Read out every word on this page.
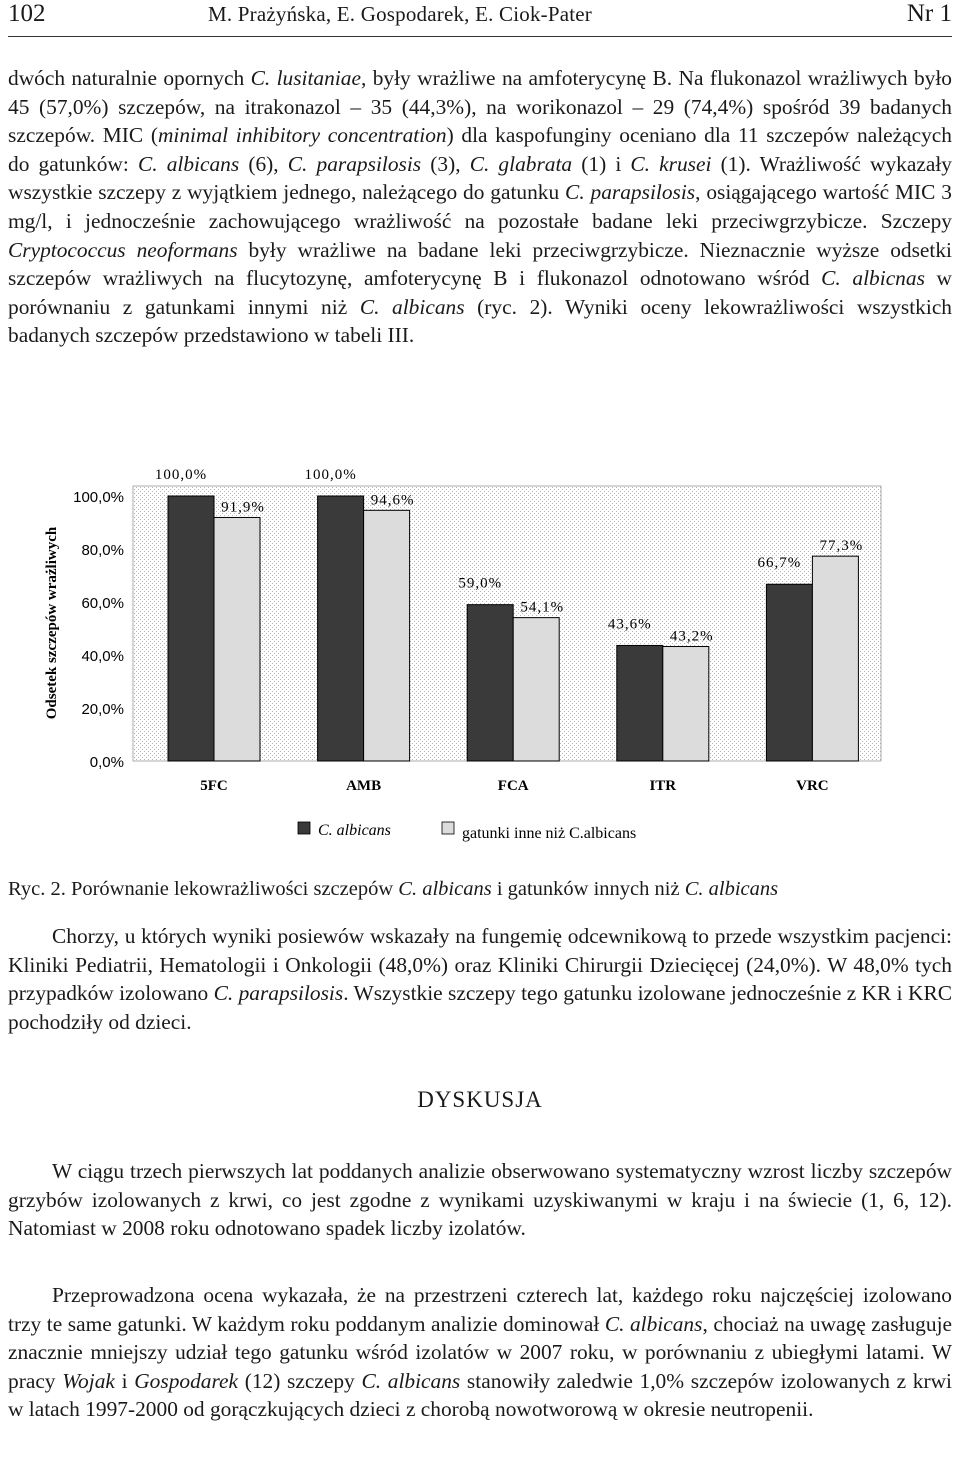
102	M. Prażyńska, E. Gospodarek, E. Ciok-Pater	Nr 1

dwóch naturalnie opornych C. lusitaniae, były wrażliwe na amfoterycynę B. Na flukonazol wrażliwych było 45 (57,0%) szczepów, na itrakonazol – 35 (44,3%), na worikonazol – 29 (74,4%) spośród 39 badanych szczepów. MIC (minimal inhibitory concentration) dla kaspofunginy oceniano dla 11 szczepów należących do gatunków: C. albicans (6), C. parapsilosis (3), C. glabrata (1) i C. krusei (1). Wrażliwość wykazały wszystkie szczepy z wyjątkiem jednego, należącego do gatunku C. parapsilosis, osiągającego wartość MIC 3 mg/l, i jednocześnie zachowującego wrażliwość na pozostałe badane leki przeciwgrzybicze. Szczepy Cryptococcus neoformans były wrażliwe na badane leki przeciwgrzybicze. Nieznacznie wyższe odsetki szczepów wrażliwych na flucytozynę, amfoterycynę B i flukonazol odnotowano wśród C. albicnas w porównaniu z gatunkami innymi niż C. albicans (ryc. 2). Wyniki oceny lekowrażliwości wszystkich badanych szczepów przedstawiono w tabeli III.

0,0%
20,0%
40,0%
60,0%
80,0%
100,0%
Odsetek szczepów wrażliwych
100,0%
91,9%
100,0%
94,6%
59,0%
54,1%
43,6%
43,2%
66,7%
77,3%
5FC	AMB	FCA	ITR	VRC
C. albicans	gatunki inne niż C.albicans

Ryc. 2. Porównanie lekowrażliwości szczepów C. albicans i gatunków innych niż C. albicans

Chorzy, u których wyniki posiewów wskazały na fungemię odcewnikową to przede wszystkim pacjenci: Kliniki Pediatrii, Hematologii i Onkologii (48,0%) oraz Kliniki Chirurgii Dziecięcej (24,0%). W 48,0% tych przypadków izolowano C. parapsilosis. Wszystkie szczepy tego gatunku izolowane jednocześnie z KR i KRC pochodziły od dzieci.

DYSKUSJA

W ciągu trzech pierwszych lat poddanych analizie obserwowano systematyczny wzrost liczby szczepów grzybów izolowanych z krwi, co jest zgodne z wynikami uzyskiwanymi w kraju i na świecie (1, 6, 12). Natomiast w 2008 roku odnotowano spadek liczby izolatów.

Przeprowadzona ocena wykazała, że na przestrzeni czterech lat, każdego roku najczęściej izolowano trzy te same gatunki. W każdym roku poddanym analizie dominował C. albicans, chociaż na uwagę zasługuje znacznie mniejszy udział tego gatunku wśród izolatów w 2007 roku, w porównaniu z ubiegłymi latami. W pracy Wojak i Gospodarek (12) szczepy C. albicans stanowiły zaledwie 1,0% szczepów izolowanych z krwi w latach 1997-2000 od gorączkujących dzieci z chorobą nowotworową w okresie neutropenii.
